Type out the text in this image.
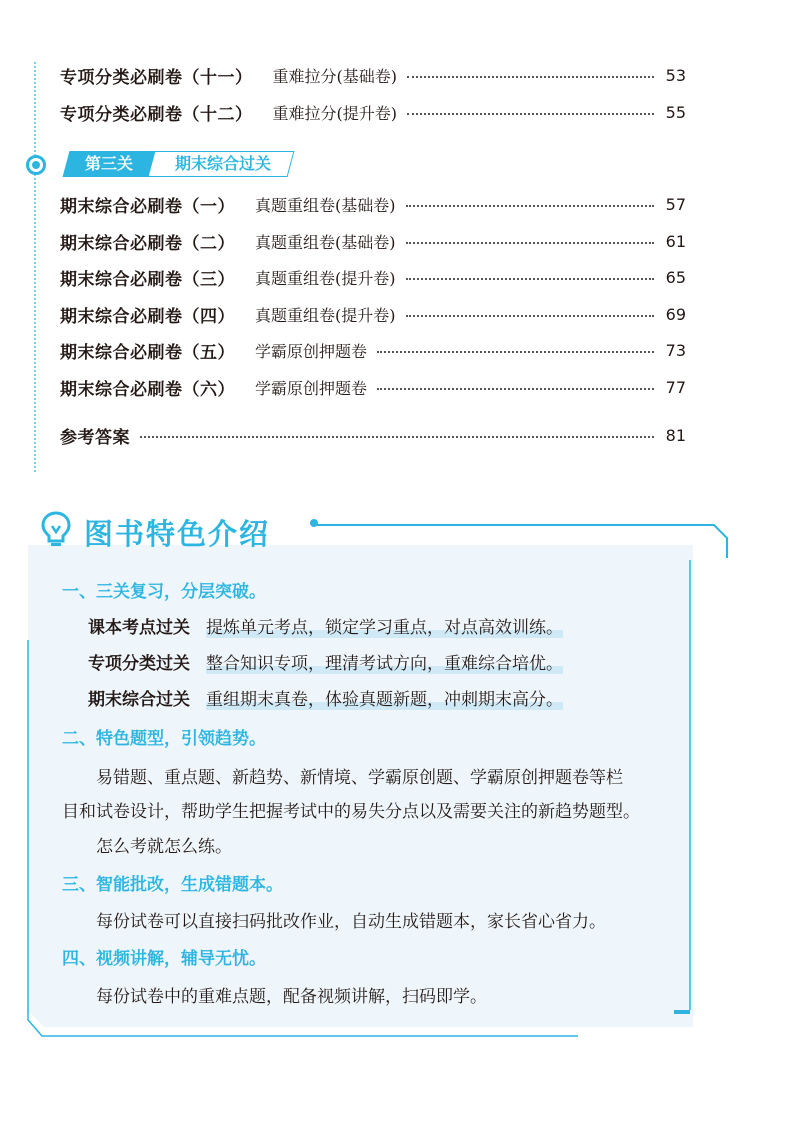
专项分类必刷卷（十一） 重难拉分(基础卷)	53
专项分类必刷卷（十二） 重难拉分(提升卷)	55
第三关	期末综合过关
期末综合必刷卷（一） 真题重组卷(基础卷)	57
期末综合必刷卷（二） 真题重组卷(基础卷)	61
期末综合必刷卷（三） 真题重组卷(提升卷)	65
期末综合必刷卷（四） 真题重组卷(提升卷)	69
期末综合必刷卷（五） 学霸原创押题卷	73
期末综合必刷卷（六） 学霸原创押题卷	77
参考答案	81
图书特色介绍
一、三关复习，分层突破。
课本考点过关 提炼单元考点，锁定学习重点，对点高效训练。
专项分类过关 整合知识专项，理清考试方向，重难综合培优。
期末综合过关 重组期末真卷，体验真题新题，冲刺期末高分。
二、特色题型，引领趋势。
易错题、重点题、新趋势、新情境、学霸原创题、学霸原创押题卷等栏
目和试卷设计，帮助学生把握考试中的易失分点以及需要关注的新趋势题型。
怎么考就怎么练。
三、智能批改，生成错题本。
每份试卷可以直接扫码批改作业，自动生成错题本，家长省心省力。
四、视频讲解，辅导无忧。
每份试卷中的重难点题，配备视频讲解，扫码即学。
